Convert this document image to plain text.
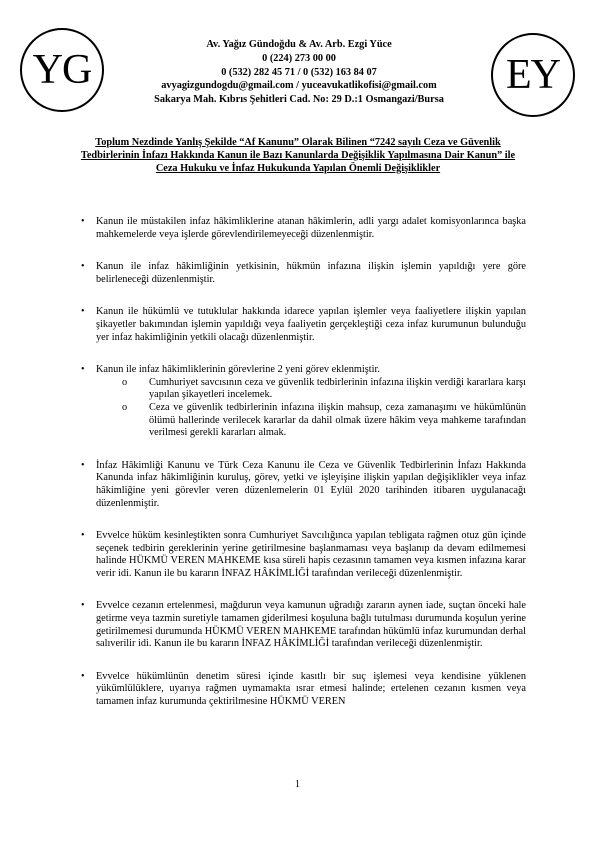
YG	EY
Av. Yağız Gündoğdu & Av. Arb. Ezgi Yüce
0 (224) 273 00 00
0 (532) 282 45 71 / 0 (532) 163 84 07
avyagizgundogdu@gmail.com / yuceavukatlikofisi@gmail.com
Sakarya Mah. Kıbrıs Şehitleri Cad. No: 29 D.:1 Osmangazi/Bursa
Toplum Nezdinde Yanlış Şekilde “Af Kanunu” Olarak Bilinen “7242 sayılı Ceza ve Güvenlik Tedbirlerinin İnfazı Hakkında Kanun ile Bazı Kanunlarda Değişiklik Yapılmasına Dair Kanun” ile Ceza Hukuku ve İnfaz Hukukunda Yapılan Önemli Değişiklikler
• Kanun ile müstakilen infaz hâkimliklerine atanan hâkimlerin, adli yargı adalet komisyonlarınca başka mahkemelerde veya işlerde görevlendirilemeyeceği düzenlenmiştir.
• Kanun ile infaz hâkimliğinin yetkisinin, hükmün infazına ilişkin işlemin yapıldığı yere göre belirleneceği düzenlenmiştir.
• Kanun ile hükümlü ve tutuklular hakkında idarece yapılan işlemler veya faaliyetlere ilişkin yapılan şikayetler bakımından işlemin yapıldığı veya faaliyetin gerçekleştiği ceza infaz kurumunun bulunduğu yer infaz hakimliğinin yetkili olacağı düzenlenmiştir.
• Kanun ile infaz hâkimliklerinin görevlerine 2 yeni görev eklenmiştir.
o Cumhuriyet savcısının ceza ve güvenlik tedbirlerinin infazına ilişkin verdiği kararlara karşı yapılan şikayetleri incelemek.
o Ceza ve güvenlik tedbirlerinin infazına ilişkin mahsup, ceza zamanaşımı ve hükümlünün ölümü hallerinde verilecek kararlar da dahil olmak üzere hâkim veya mahkeme tarafından verilmesi gerekli kararları almak.
• İnfaz Hâkimliği Kanunu ve Türk Ceza Kanunu ile Ceza ve Güvenlik Tedbirlerinin İnfazı Hakkında Kanunda infaz hâkimliğinin kuruluş, görev, yetki ve işleyişine ilişkin yapılan değişiklikler veya infaz hâkimliğine yeni görevler veren düzenlemelerin 01 Eylül 2020 tarihinden itibaren uygulanacağı düzenlenmiştir.
• Evvelce hüküm kesinleştikten sonra Cumhuriyet Savcılığınca yapılan tebligata rağmen otuz gün içinde seçenek tedbirin gereklerinin yerine getirilmesine başlanmaması veya başlanıp da devam edilmemesi halinde HÜKMÜ VEREN MAHKEME kısa süreli hapis cezasının tamamen veya kısmen infazına karar verir idi. Kanun ile bu kararın İNFAZ HÂKİMLİĞİ tarafından verileceği düzenlenmiştir.
• Evvelce cezanın ertelenmesi, mağdurun veya kamunun uğradığı zararın aynen iade, suçtan önceki hale getirme veya tazmin suretiyle tamamen giderilmesi koşuluna bağlı tutulması durumunda koşulun yerine getirilmemesi durumunda HÜKMÜ VEREN MAHKEME tarafından hükümlü infaz kurumundan derhal salıverilir idi. Kanun ile bu kararın İNFAZ HÂKİMLİĞİ tarafından verileceği düzenlenmiştir.
• Evvelce hükümlünün denetim süresi içinde kasıtlı bir suç işlemesi veya kendisine yüklenen yükümlülüklere, uyarıya rağmen uymamakta ısrar etmesi halinde; ertelenen cezanın kısmen veya tamamen infaz kurumunda çektirilmesine HÜKMÜ VEREN
1
